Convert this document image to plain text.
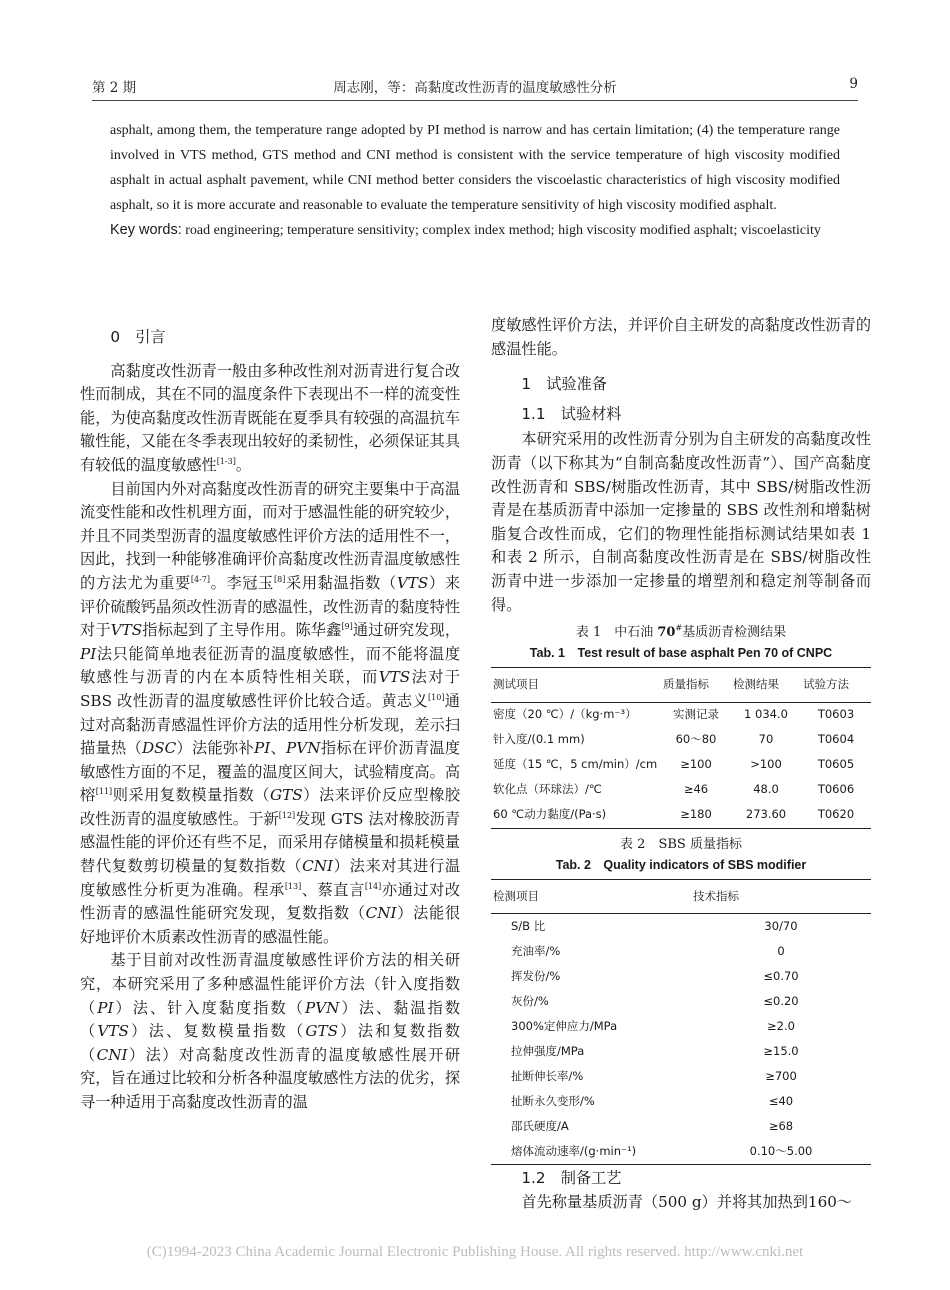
第 2 期	周志刚，等：高黏度改性沥青的温度敏感性分析	9

asphalt, among them, the temperature range adopted by PI method is narrow and has certain limitation; (4) the temperature range involved in VTS method, GTS method and CNI method is consistent with the service temperature of high viscosity modified asphalt in actual asphalt pavement, while CNI method better considers the viscoelastic characteristics of high viscosity modified asphalt, so it is more accurate and reasonable to evaluate the temperature sensitivity of high viscosity modified asphalt.

Key words: road engineering; temperature sensitivity; complex index method; high viscosity modified asphalt; viscoelasticity

0　引言

高黏度改性沥青一般由多种改性剂对沥青进行复合改性而制成，其在不同的温度条件下表现出不一样的流变性能，为使高黏度改性沥青既能在夏季具有较强的高温抗车辙性能，又能在冬季表现出较好的柔韧性，必须保证其具有较低的温度敏感性[1-3]。

目前国内外对高黏度改性沥青的研究主要集中于高温流变性能和改性机理方面，而对于感温性能的研究较少，并且不同类型沥青的温度敏感性评价方法的适用性不一，因此，找到一种能够准确评价高黏度改性沥青温度敏感性的方法尤为重要[4-7]。李冠玉[8]采用黏温指数（VTS）来评价硫酸钙晶须改性沥青的感温性，改性沥青的黏度特性对于VTS指标起到了主导作用。陈华鑫[9]通过研究发现，PI法只能简单地表征沥青的温度敏感性，而不能将温度敏感性与沥青的内在本质特性相关联，而VTS法对于 SBS 改性沥青的温度敏感性评价比较合适。黄志义[10]通过对高黏沥青感温性评价方法的适用性分析发现，差示扫描量热（DSC）法能弥补PI、PVN指标在评价沥青温度敏感性方面的不足，覆盖的温度区间大，试验精度高。高榕[11]则采用复数模量指数（GTS）法来评价反应型橡胶改性沥青的温度敏感性。于新[12]发现 GTS 法对橡胶沥青感温性能的评价还有些不足，而采用存储模量和损耗模量替代复数剪切模量的复数指数（CNI）法来对其进行温度敏感性分析更为准确。程承[13]、蔡直言[14]亦通过对改性沥青的感温性能研究发现，复数指数（CNI）法能很好地评价木质素改性沥青的感温性能。

基于目前对改性沥青温度敏感性评价方法的相关研究，本研究采用了多种感温性能评价方法（针入度指数（PI）法、针入度黏度指数（PVN）法、黏温指数（VTS）法、复数模量指数（GTS）法和复数指数（CNI）法）对高黏度改性沥青的温度敏感性展开研究，旨在通过比较和分析各种温度敏感性方法的优劣，探寻一种适用于高黏度改性沥青的温

度敏感性评价方法，并评价自主研发的高黏度改性沥青的感温性能。

1　试验准备

1.1　试验材料

本研究采用的改性沥青分别为自主研发的高黏度改性沥青（以下称其为“自制高黏度改性沥青”）、国产高黏度改性沥青和 SBS/树脂改性沥青，其中 SBS/树脂改性沥青是在基质沥青中添加一定掺量的 SBS 改性剂和增黏树脂复合改性而成，它们的物理性能指标测试结果如表 1 和表 2 所示，自制高黏度改性沥青是在 SBS/树脂改性沥青中进一步添加一定掺量的增塑剂和稳定剂等制备而得。

表 1　中石油 70#基质沥青检测结果
Tab. 1　Test result of base asphalt Pen 70 of CNPC
测试项目	质量指标	检测结果	试验方法
密度（20 ℃）/（kg·m⁻³）	实测记录	1 034.0	T0603
针入度/(0.1 mm)	60～80	70	T0604
延度（15 ℃，5 cm/min）/cm	≥100	>100	T0605
软化点（环球法）/℃	≥46	48.0	T0606
60 ℃动力黏度/(Pa·s)	≥180	273.60	T0620
表 2　SBS 质量指标
Tab. 2　Quality indicators of SBS modifier
检测项目	技术指标
S/B 比	30/70
充油率/%	0
挥发份/%	≤0.70
灰份/%	≤0.20
300%定伸应力/MPa	≥2.0
拉伸强度/MPa	≥15.0
扯断伸长率/%	≥700
扯断永久变形/%	≤40
邵氏硬度/A	≥68
熔体流动速率/(g·min⁻¹)	0.10～5.00

1.2　制备工艺

首先称量基质沥青（500 g）并将其加热到160～

(C)1994-2023 China Academic Journal Electronic Publishing House. All rights reserved. http://www.cnki.net
